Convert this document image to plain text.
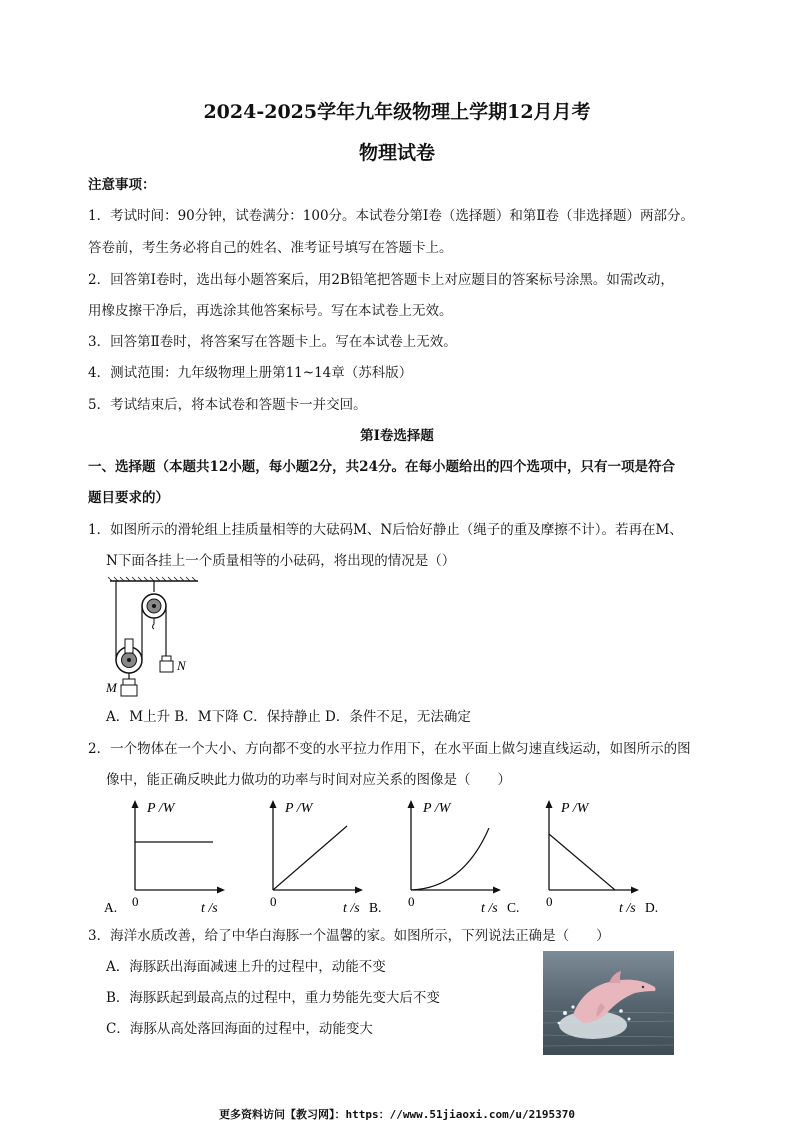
2024-2025学年九年级物理上学期12月月考
物理试卷
注意事项：
1．考试时间：90分钟，试卷满分：100分。本试卷分第Ⅰ卷（选择题）和第Ⅱ卷（非选择题）两部分。
答卷前，考生务必将自己的姓名、准考证号填写在答题卡上。
2．回答第Ⅰ卷时，选出每小题答案后，用2B铅笔把答题卡上对应题目的答案标号涂黑。如需改动，
用橡皮擦干净后，再选涂其他答案标号。写在本试卷上无效。
3．回答第Ⅱ卷时，将答案写在答题卡上。写在本试卷上无效。
4．测试范围：九年级物理上册第11~14章（苏科版）
5．考试结束后，将本试卷和答题卡一并交回。
第Ⅰ卷选择题
一、选择题（本题共12小题，每小题2分，共24分。在每小题给出的四个选项中，只有一项是符合
题目要求的）
1．如图所示的滑轮组上挂质量相等的大砝码M、N后恰好静止（绳子的重及摩擦不计）。若再在M、
N下面各挂上一个质量相等的小砝码，将出现的情况是（）
M
N
A．M上升 B．M下降 C．保持静止 D．条件不足，无法确定
2．一个物体在一个大小、方向都不变的水平拉力作用下，在水平面上做匀速直线运动，如图所示的图
像中，能正确反映此力做功的功率与时间对应关系的图像是（　　）
P /W
0	t /s
A.
P /W
0	t /s B.
P /W
0	t /s C.
P /W
0	t /s D.
3．海洋水质改善，给了中华白海豚一个温馨的家。如图所示，下列说法正确是（　　）
A．海豚跃出海面减速上升的过程中，动能不变
B．海豚跃起到最高点的过程中，重力势能先变大后不变
C．海豚从高处落回海面的过程中，动能变大
更多资料访问【教习网】：https：//www.51jiaoxi.com/u/2195370
